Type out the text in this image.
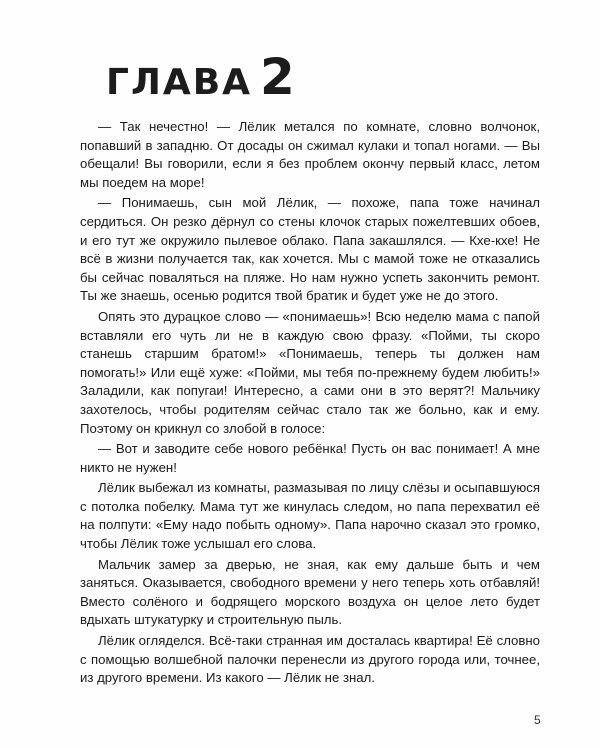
ГЛАВА 2

— Так нечестно! — Лёлик метался по комнате, словно волчонок, попавший в западню. От досады он сжимал кулаки и топал ногами. — Вы обещали! Вы говорили, если я без проблем окончу первый класс, летом мы поедем на море!

— Понимаешь, сын мой Лёлик, — похоже, папа тоже начинал сердиться. Он резко дёрнул со стены клочок старых пожелтевших обоев, и его тут же окружило пылевое облако. Папа закашлялся. — Кхе-кхе! Не всё в жизни получается так, как хочется. Мы с мамой тоже не отказались бы сейчас поваляться на пляже. Но нам нужно успеть закончить ремонт. Ты же знаешь, осенью родится твой братик и будет уже не до этого.

Опять это дурацкое слово — «понимаешь»! Всю неделю мама с папой вставляли его чуть ли не в каждую свою фразу. «Пойми, ты скоро станешь старшим братом!» «Понимаешь, теперь ты должен нам помогать!» Или ещё хуже: «Пойми, мы тебя по-прежнему будем любить!» Заладили, как попугаи! Интересно, а сами они в это верят?! Мальчику захотелось, чтобы родителям сейчас стало так же больно, как и ему. Поэтому он крикнул со злобой в голосе:

— Вот и заводите себе нового ребёнка! Пусть он вас понимает! А мне никто не нужен!

Лёлик выбежал из комнаты, размазывая по лицу слёзы и осыпавшуюся с потолка побелку. Мама тут же кинулась следом, но папа перехватил её на полпути: «Ему надо побыть одному». Папа нарочно сказал это громко, чтобы Лёлик тоже услышал его слова.

Мальчик замер за дверью, не зная, как ему дальше быть и чем заняться. Оказывается, свободного времени у него теперь хоть отбавляй! Вместо солёного и бодрящего морского воздуха он целое лето будет вдыхать штукатурку и строительную пыль.

Лёлик огляделся. Всё-таки странная им досталась квартира! Её словно с помощью волшебной палочки перенесли из другого города или, точнее, из другого времени. Из какого — Лёлик не знал.

5
